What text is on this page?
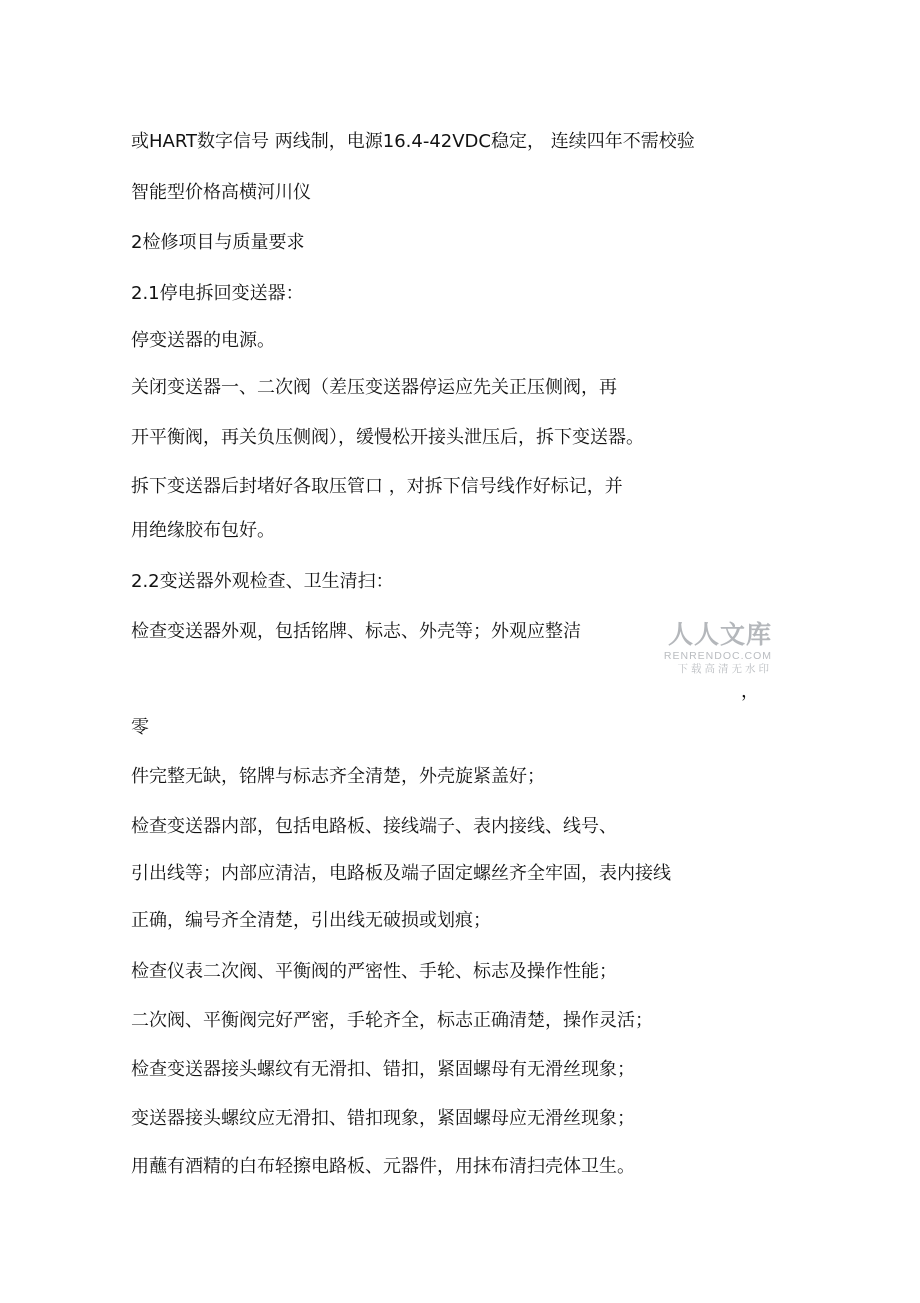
或HART数字信号 两线制，电源16.4-42VDC稳定， 连续四年不需校验

智能型价格高横河川仪

2检修项目与质量要求

2.1停电拆回变送器：

停变送器的电源。

关闭变送器一、二次阀（差压变送器停运应先关正压侧阀，再

开平衡阀，再关负压侧阀），缓慢松开接头泄压后，拆下变送器。

拆下变送器后封堵好各取压管口 ，对拆下信号线作好标记，并

用绝缘胶布包好。

2.2变送器外观检查、卫生清扫：

检查变送器外观，包括铭牌、标志、外壳等；外观应整洁

，

零

件完整无缺，铭牌与标志齐全清楚，外壳旋紧盖好；

检查变送器内部，包括电路板、接线端子、表内接线、线号、

引出线等；内部应清洁，电路板及端子固定螺丝齐全牢固，表内接线

正确，编号齐全清楚，引出线无破损或划痕；

检查仪表二次阀、平衡阀的严密性、手轮、标志及操作性能；

二次阀、平衡阀完好严密，手轮齐全，标志正确清楚，操作灵活；

检查变送器接头螺纹有无滑扣、错扣，紧固螺母有无滑丝现象；

变送器接头螺纹应无滑扣、错扣现象，紧固螺母应无滑丝现象；

用蘸有酒精的白布轻擦电路板、元器件，用抹布清扫壳体卫生。

人人文库
RENRENDOC.COM
下载高清无水印
